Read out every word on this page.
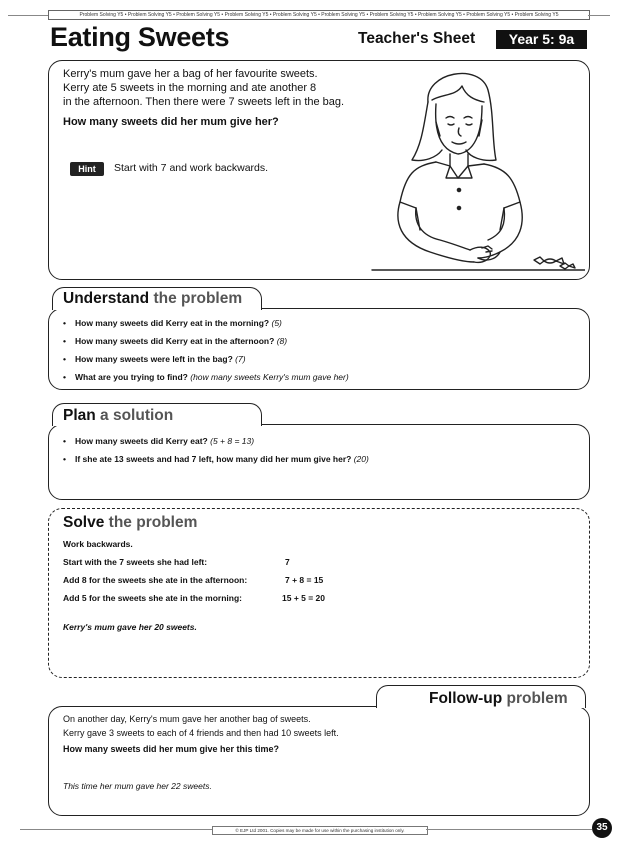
Problem Solving Y5 • Problem Solving Y5 • Problem Solving Y5 • Problem Solving Y5 • Problem Solving Y5 • Problem Solving Y5 • Problem Solving Y5 • Problem Solving Y5 • Problem Solving Y5 • Problem Solving Y5
Eating Sweets	Teacher's Sheet	Year 5: 9a
Kerry's mum gave her a bag of her favourite sweets.
Kerry ate 5 sweets in the morning and ate another 8
in the afternoon. Then there were 7 sweets left in the bag.
How many sweets did her mum give her?
Hint	Start with 7 and work backwards.
Understand the problem
• How many sweets did Kerry eat in the morning? (5)
• How many sweets did Kerry eat in the afternoon? (8)
• How many sweets were left in the bag? (7)
• What are you trying to find? (how many sweets Kerry's mum gave her)
Plan a solution
• How many sweets did Kerry eat? (5 + 8 = 13)
• If she ate 13 sweets and had 7 left, how many did her mum give her? (20)
Solve the problem
Work backwards.
Start with the 7 sweets she had left:	7
Add 8 for the sweets she ate in the afternoon:	7 + 8 = 15
Add 5 for the sweets she ate in the morning:	15 + 5 = 20
Kerry's mum gave her 20 sweets.
Follow-up problem
On another day, Kerry's mum gave her another bag of sweets.
Kerry gave 3 sweets to each of 4 friends and then had 10 sweets left.
How many sweets did her mum give her this time?
This time her mum gave her 22 sweets.
© EJP Ltd 2001. Copies may be made for use within the purchasing institution only.	35
